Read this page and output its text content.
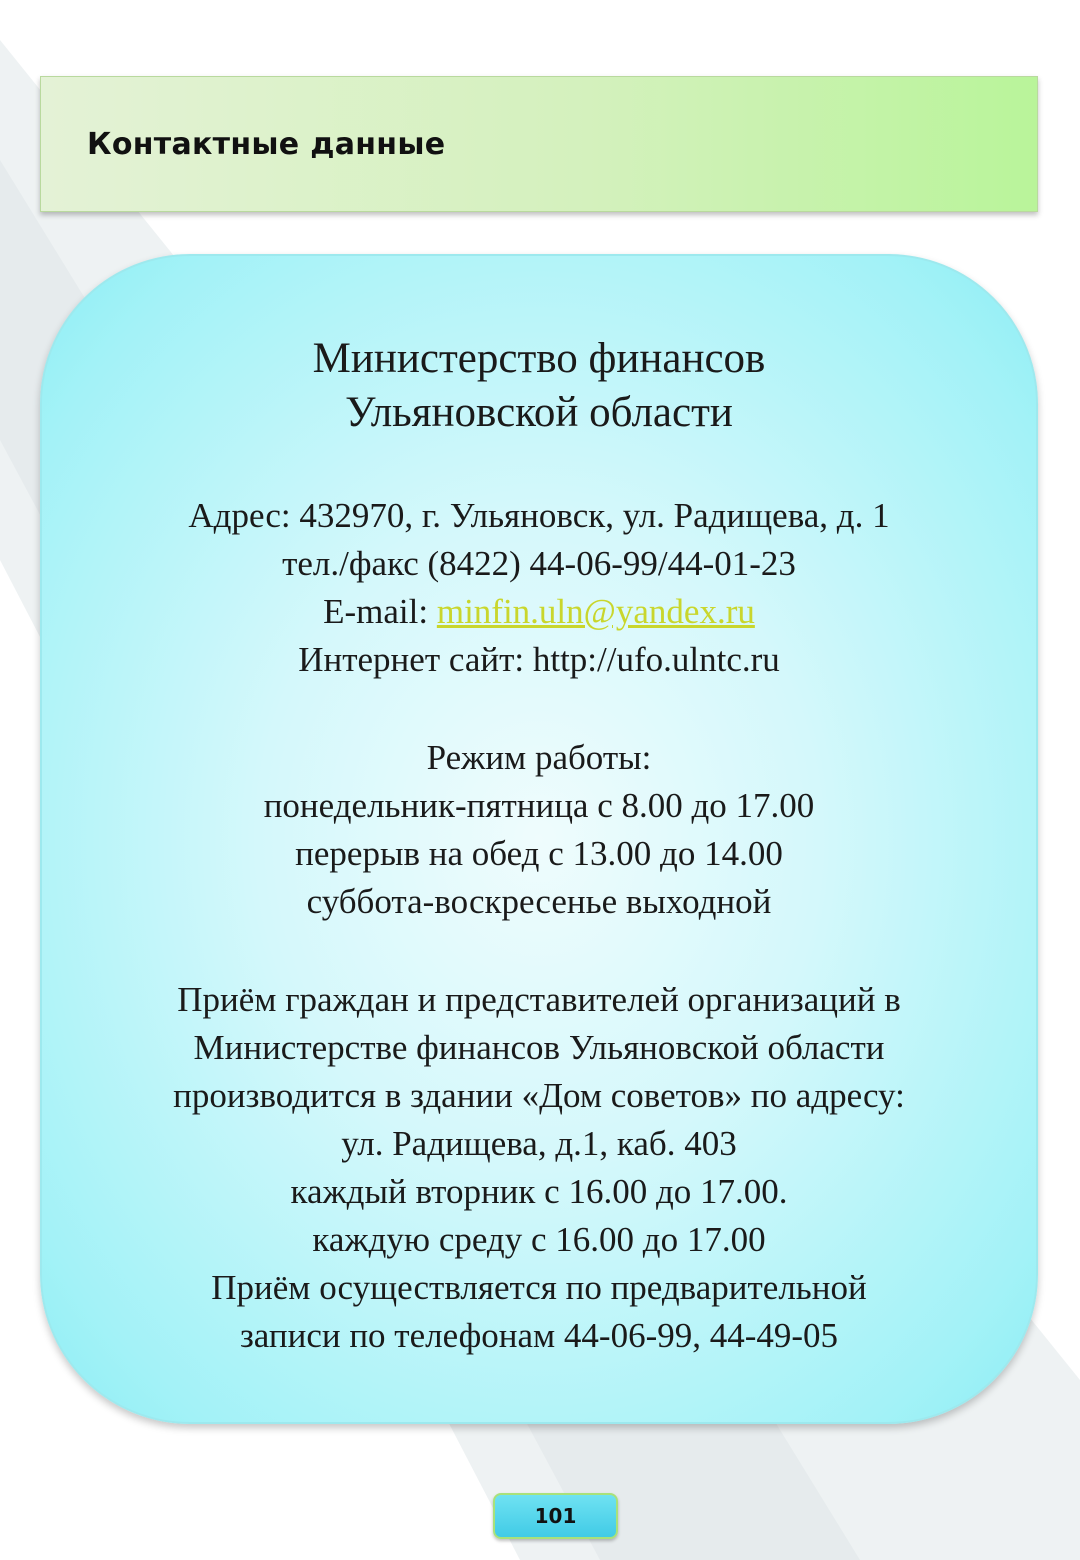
Контактные данные

Министерство финансов

Ульяновской области

Адрес: 432970, г. Ульяновск, ул. Радищева, д. 1

тел./факс (8422) 44-06-99/44-01-23

E-mail: minfin.uln@yandex.ru

Интернет сайт: http://ufo.ulntc.ru

Режим работы:

понедельник-пятница с 8.00 до 17.00

перерыв на обед с 13.00 до 14.00

суббота-воскресенье выходной

Приём граждан и представителей организаций в

Министерстве финансов Ульяновской области

производится в здании «Дом советов» по адресу:

ул. Радищева, д.1, каб. 403

каждый вторник с 16.00 до 17.00.

каждую среду с 16.00 до 17.00

Приём осуществляется по предварительной

записи по телефонам 44-06-99, 44-49-05

101
